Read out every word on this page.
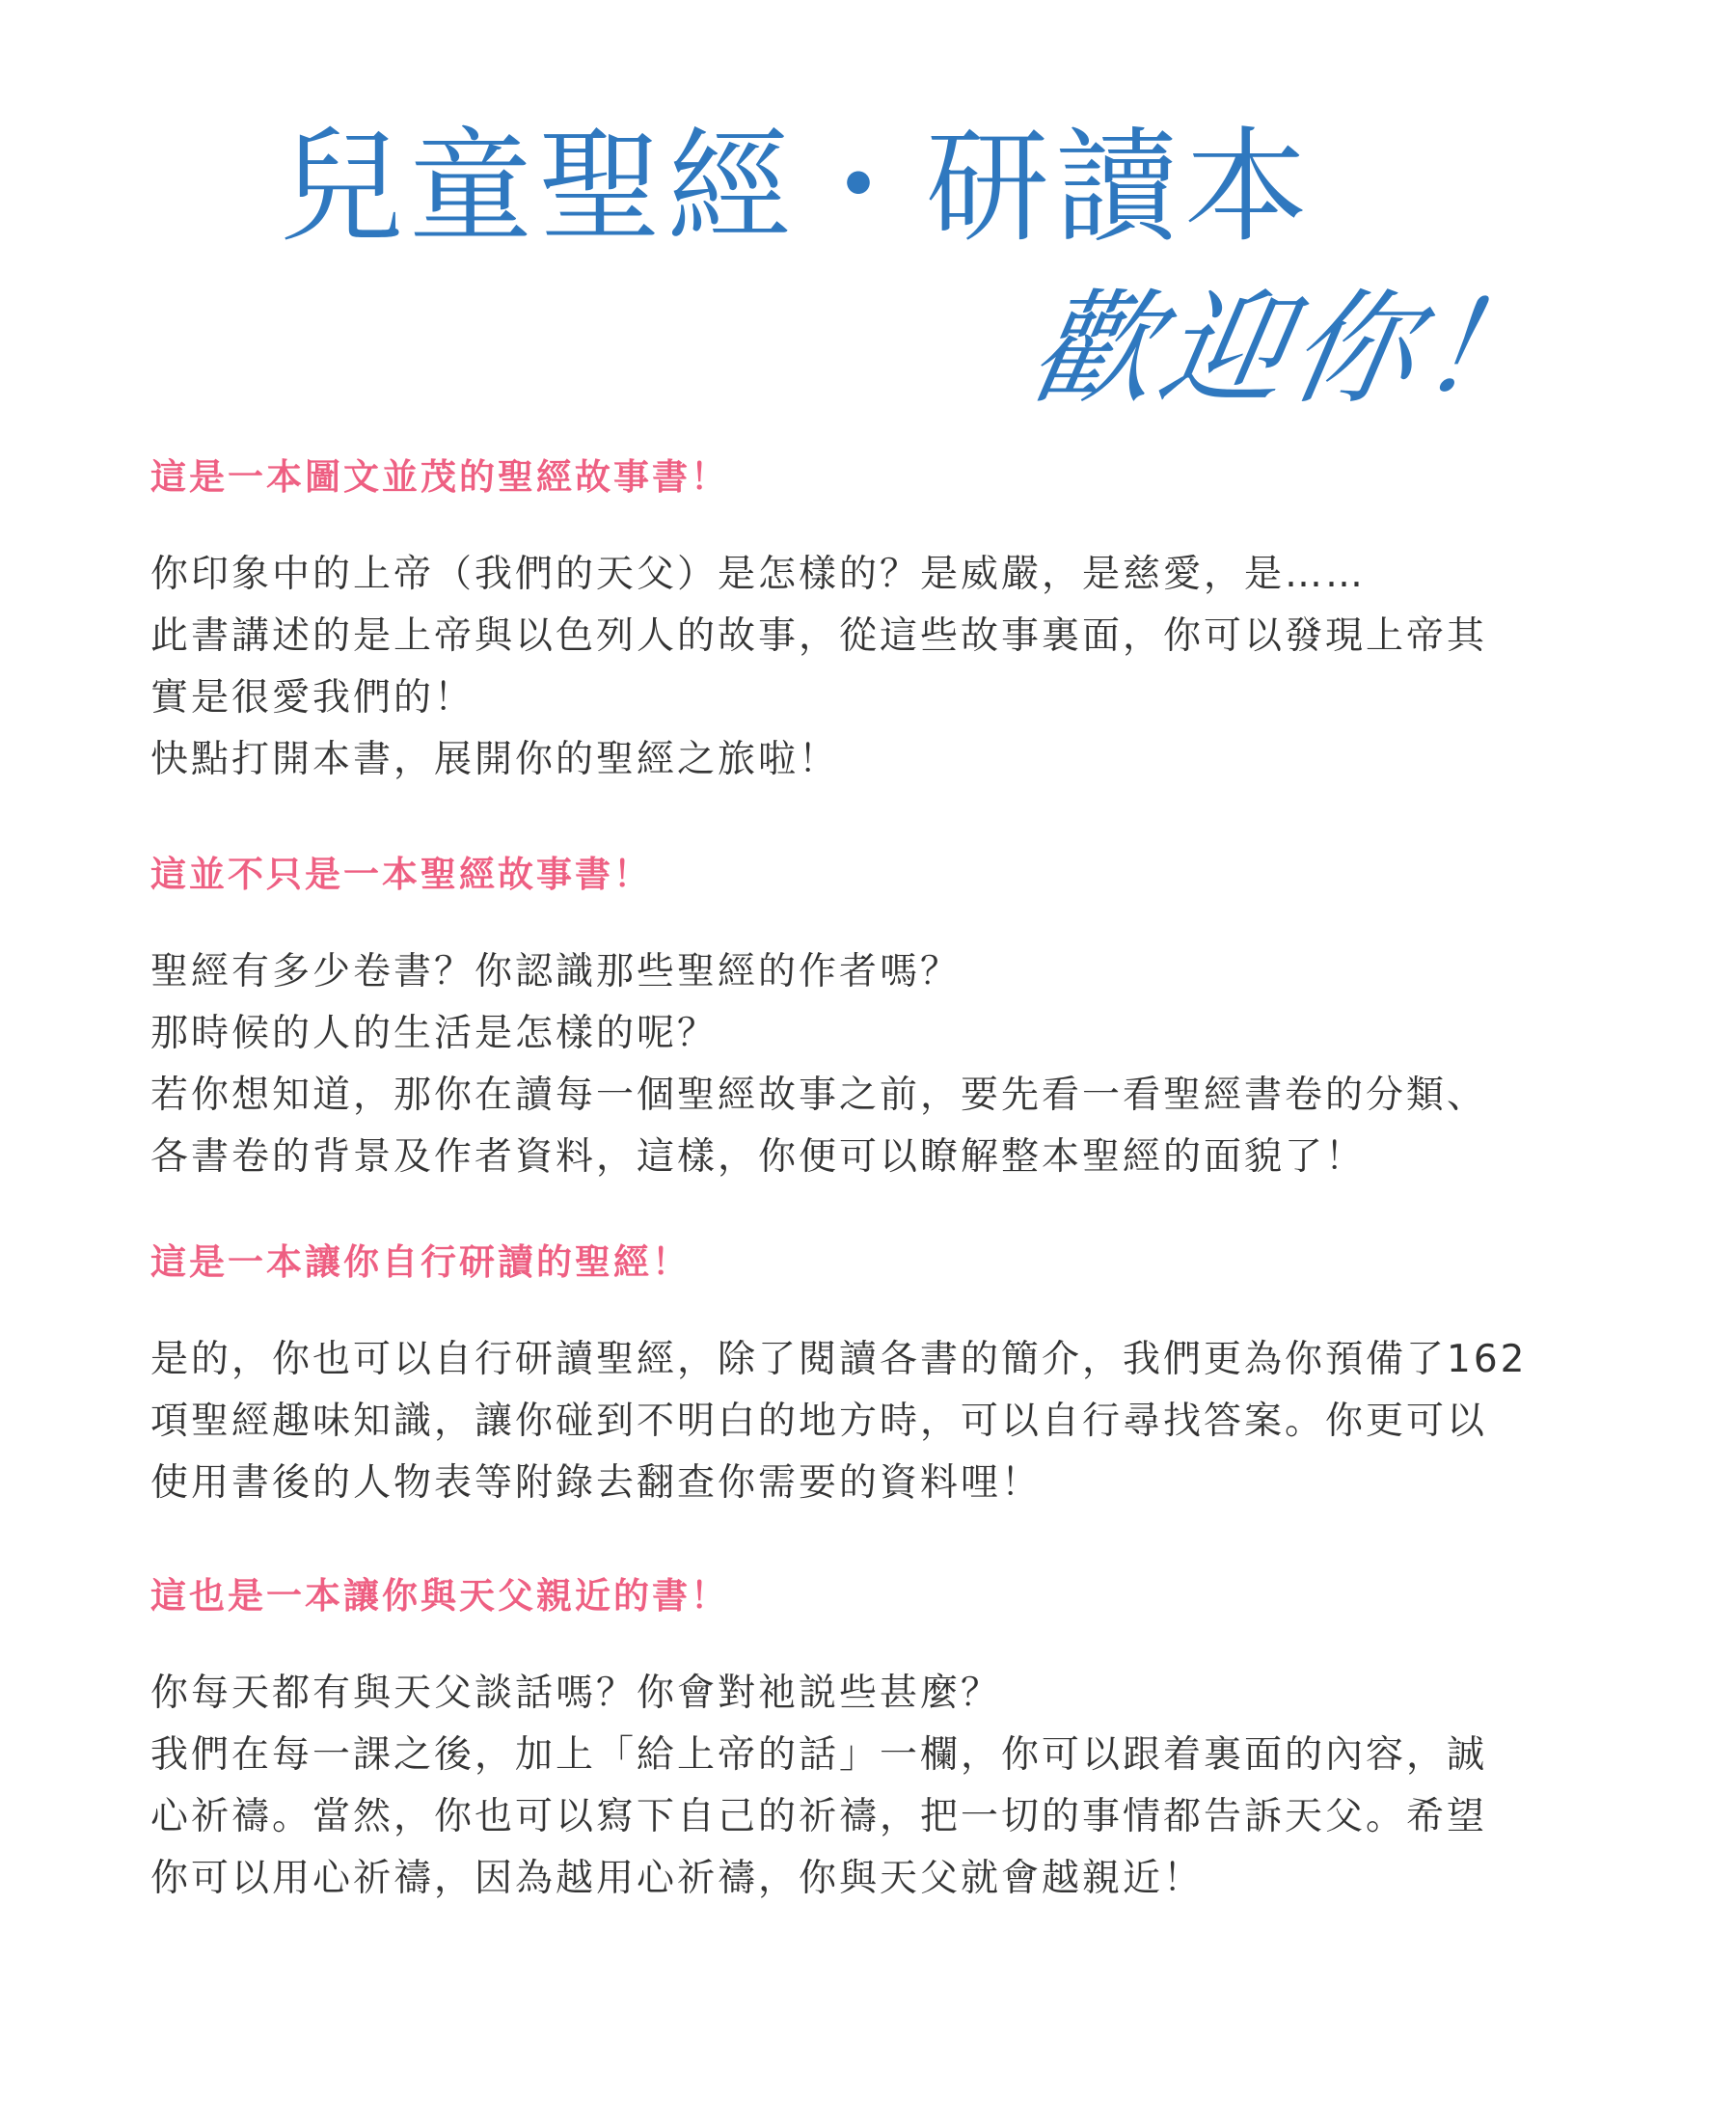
兒童聖經・研讀本
歡迎你！
這是一本圖文並茂的聖經故事書！

你印象中的上帝（我們的天父）是怎樣的？是威嚴，是慈愛，是……
此書講述的是上帝與以色列人的故事，從這些故事裏面，你可以發現上帝其
實是很愛我們的！
快點打開本書，展開你的聖經之旅啦！

這並不只是一本聖經故事書！

聖經有多少卷書？你認識那些聖經的作者嗎？
那時候的人的生活是怎樣的呢？
若你想知道，那你在讀每一個聖經故事之前，要先看一看聖經書卷的分類、
各書卷的背景及作者資料，這樣，你便可以瞭解整本聖經的面貌了！

這是一本讓你自行研讀的聖經！

是的，你也可以自行研讀聖經，除了閱讀各書的簡介，我們更為你預備了162
項聖經趣味知識，讓你碰到不明白的地方時，可以自行尋找答案。你更可以
使用書後的人物表等附錄去翻查你需要的資料哩！

這也是一本讓你與天父親近的書！

你每天都有與天父談話嗎？你會對祂説些甚麼？
我們在每一課之後，加上「給上帝的話」一欄，你可以跟着裏面的內容，誠
心祈禱。當然，你也可以寫下自己的祈禱，把一切的事情都告訴天父。希望
你可以用心祈禱，因為越用心祈禱，你與天父就會越親近！
